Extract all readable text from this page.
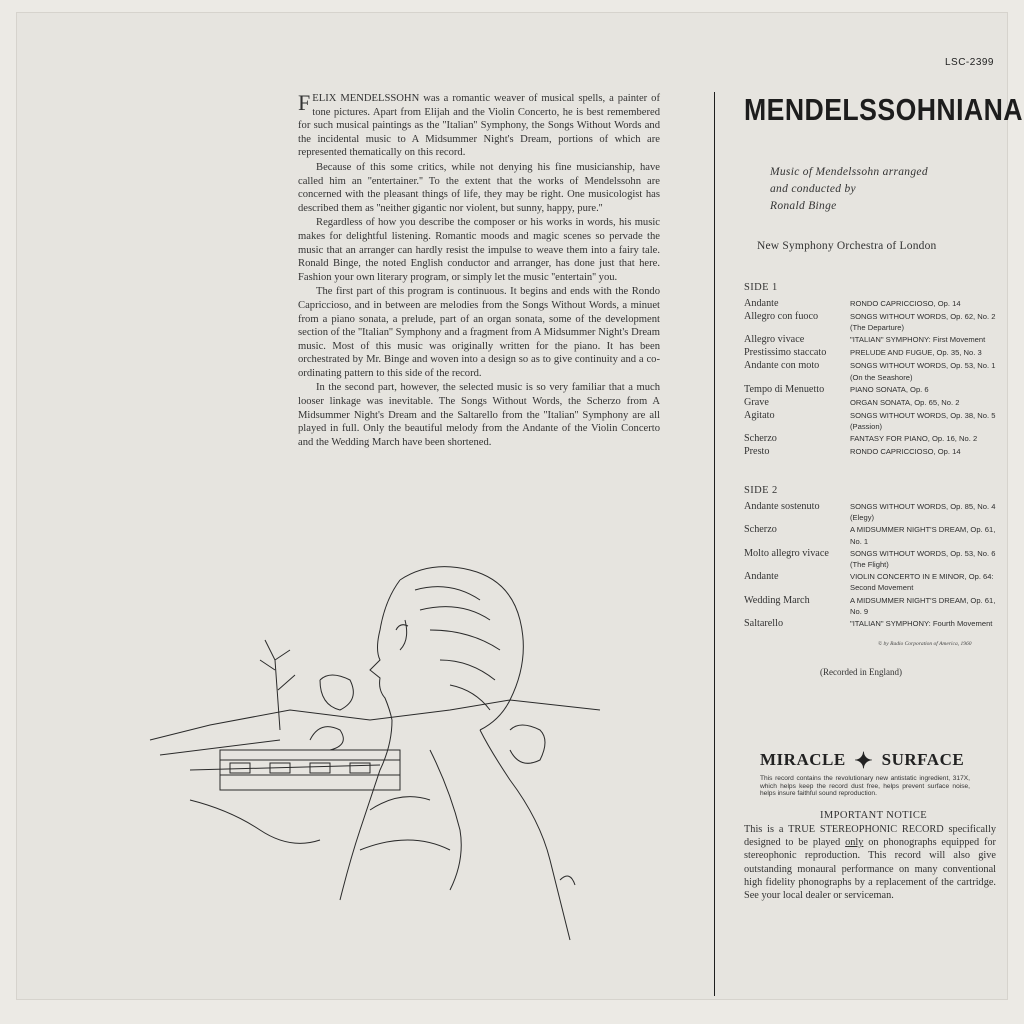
FELIX MENDELSSOHN was a romantic weaver of musical spells, a painter of tone pictures. Apart from Elijah and the Violin Concerto, he is best remembered for such musical paintings as the ''Italian'' Symphony, the Songs Without Words and the incidental music to A Midsummer Night's Dream, portions of which are represented thematically on this record.

Because of this some critics, while not denying his fine musicianship, have called him an ''entertainer.'' To the extent that the works of Mendelssohn are concerned with the pleasant things of life, they may be right. One musicologist has described them as ''neither gigantic nor violent, but sunny, happy, pure.''

Regardless of how you describe the composer or his works in words, his music makes for delightful listening. Romantic moods and magic scenes so pervade the music that an arranger can hardly resist the impulse to weave them into a fairy tale. Ronald Binge, the noted English conductor and arranger, has done just that here. Fashion your own literary program, or simply let the music ''entertain'' you.

The first part of this program is continuous. It begins and ends with the Rondo Capriccioso, and in between are melodies from the Songs Without Words, a minuet from a piano sonata, a prelude, part of an organ sonata, some of the development section of the ''Italian'' Symphony and a fragment from A Midsummer Night's Dream music. Most of this music was originally written for the piano. It has been orchestrated by Mr. Binge and woven into a design so as to give continuity and a co-ordinating pattern to this side of the record.

In the second part, however, the selected music is so very familiar that a much looser linkage was inevitable. The Songs Without Words, the Scherzo from A Midsummer Night's Dream and the Saltarello from the ''Italian'' Symphony are all played in full. Only the beautiful melody from the Andante of the Violin Concerto and the Wedding March have been shortened.

LSC-2399
MENDELSSOHNIANA
Music of Mendelssohn arranged
and conducted by
Ronald Binge
New Symphony Orchestra of London
SIDE 1
Andante	RONDO CAPRICCIOSO, Op. 14
Allegro con fuoco	SONGS WITHOUT WORDS, Op. 62, No. 2 (The Departure)
Allegro vivace	"ITALIAN" SYMPHONY: First Movement
Prestissimo staccato	PRELUDE AND FUGUE, Op. 35, No. 3
Andante con moto	SONGS WITHOUT WORDS, Op. 53, No. 1 (On the Seashore)
Tempo di Menuetto	PIANO SONATA, Op. 6
Grave	ORGAN SONATA, Op. 65, No. 2
Agitato	SONGS WITHOUT WORDS, Op. 38, No. 5 (Passion)
Scherzo	FANTASY FOR PIANO, Op. 16, No. 2
Presto	RONDO CAPRICCIOSO, Op. 14
SIDE 2
Andante sostenuto	SONGS WITHOUT WORDS, Op. 85, No. 4 (Elegy)
Scherzo	A MIDSUMMER NIGHT'S DREAM, Op. 61, No. 1
Molto allegro vivace	SONGS WITHOUT WORDS, Op. 53, No. 6 (The Flight)
Andante	VIOLIN CONCERTO IN E MINOR, Op. 64: Second Movement
Wedding March	A MIDSUMMER NIGHT'S DREAM, Op. 61, No. 9
Saltarello	"ITALIAN" SYMPHONY: Fourth Movement
© by Radio Corporation of America, 1960
(Recorded in England)
MIRACLE ✦ SURFACE
This record contains the revolutionary new antistatic ingredient, 317X, which helps keep the record dust free, helps prevent surface noise, helps insure faithful sound reproduction.
IMPORTANT NOTICE
This is a TRUE STEREOPHONIC RECORD specifically designed to be played only on phonographs equipped for stereophonic reproduction. This record will also give outstanding monaural performance on many conventional high fidelity phonographs by a replacement of the cartridge. See your local dealer or serviceman.
